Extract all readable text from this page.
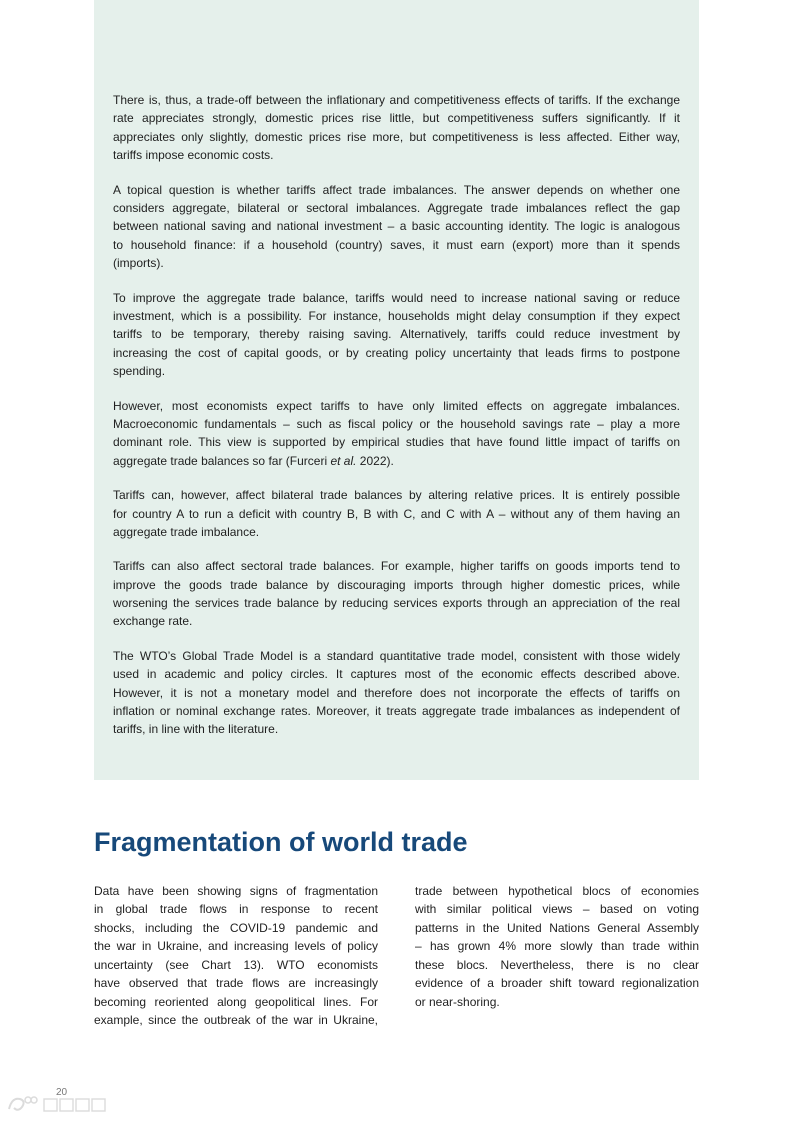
There is, thus, a trade-off between the inflationary and competitiveness effects of tariffs. If the exchange
rate appreciates strongly, domestic prices rise little, but competitiveness suffers significantly. If it
appreciates only slightly, domestic prices rise more, but competitiveness is less affected. Either way,
tariffs impose economic costs.
A topical question is whether tariffs affect trade imbalances. The answer depends on whether one
considers aggregate, bilateral or sectoral imbalances. Aggregate trade imbalances reflect the gap
between national saving and national investment – a basic accounting identity. The logic is analogous
to household finance: if a household (country) saves, it must earn (export) more than it spends
(imports).
To improve the aggregate trade balance, tariffs would need to increase national saving or reduce
investment, which is a possibility. For instance, households might delay consumption if they expect
tariffs to be temporary, thereby raising saving. Alternatively, tariffs could reduce investment by
increasing the cost of capital goods, or by creating policy uncertainty that leads firms to postpone
spending.
However, most economists expect tariffs to have only limited effects on aggregate imbalances.
Macroeconomic fundamentals – such as fiscal policy or the household savings rate – play a more
dominant role. This view is supported by empirical studies that have found little impact of tariffs on
aggregate trade balances so far (Furceri et al. 2022).
Tariffs can, however, affect bilateral trade balances by altering relative prices. It is entirely possible
for country A to run a deficit with country B, B with C, and C with A – without any of them having an
aggregate trade imbalance.
Tariffs can also affect sectoral trade balances. For example, higher tariffs on goods imports tend to
improve the goods trade balance by discouraging imports through higher domestic prices, while
worsening the services trade balance by reducing services exports through an appreciation of the real
exchange rate.
The WTO’s Global Trade Model is a standard quantitative trade model, consistent with those widely
used in academic and policy circles. It captures most of the economic effects described above.
However, it is not a monetary model and therefore does not incorporate the effects of tariffs on
inflation or nominal exchange rates. Moreover, it treats aggregate trade imbalances as independent of
tariffs, in line with the literature.
Fragmentation of world trade
Data have been showing signs of fragmentation
in global trade flows in response to recent
shocks, including the COVID-19 pandemic and
the war in Ukraine, and increasing levels of policy
uncertainty (see Chart 13). WTO economists
have observed that trade flows are increasingly
becoming reoriented along geopolitical lines. For
example, since the outbreak of the war in Ukraine,
trade between hypothetical blocs of economies
with similar political views – based on voting
patterns in the United Nations General Assembly
– has grown 4% more slowly than trade within
these blocs. Nevertheless, there is no clear
evidence of a broader shift toward regionalization
or near-shoring.
20
